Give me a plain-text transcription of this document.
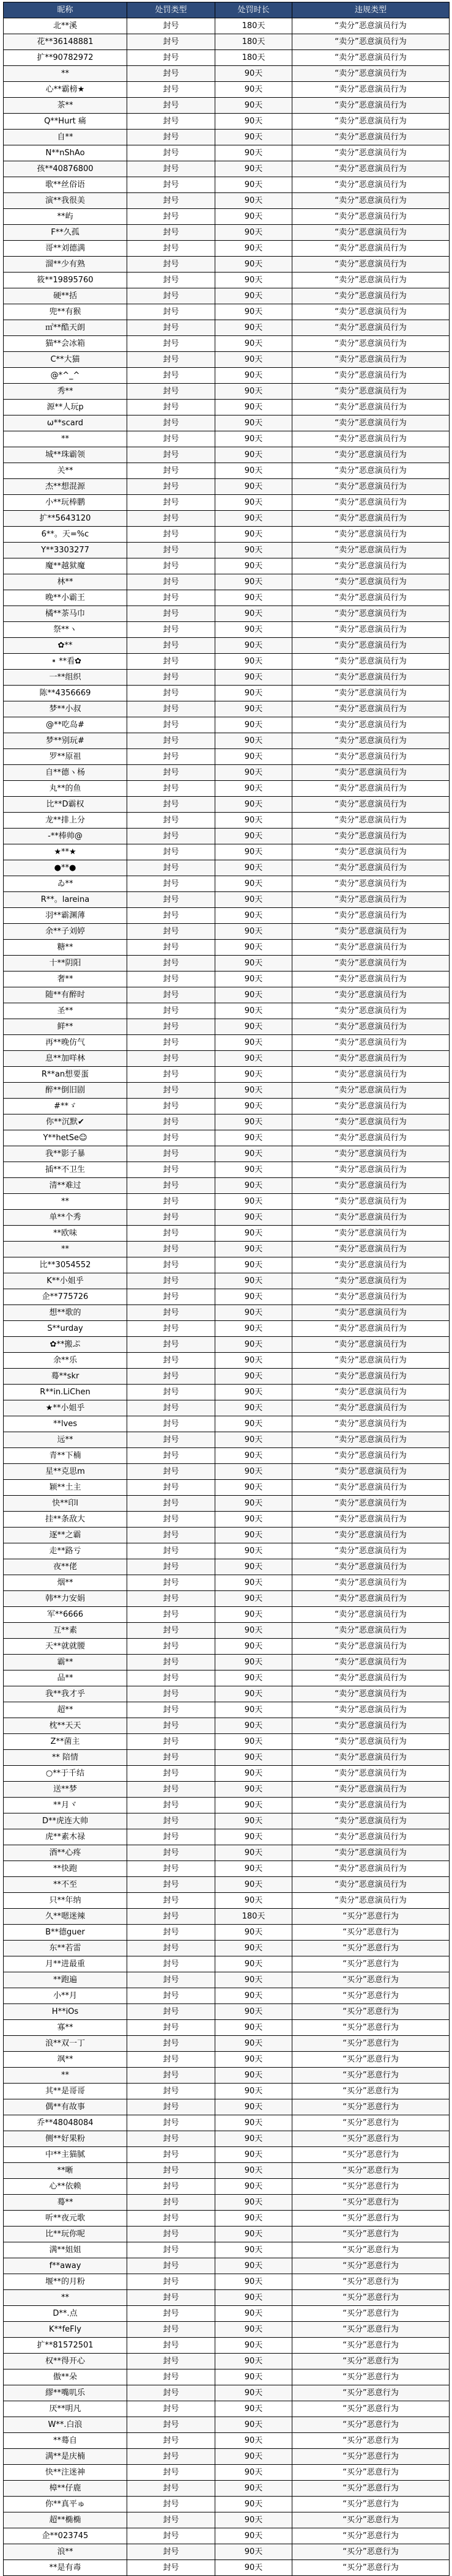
昵称	处罚类型	处罚时长	违规类型
北**溪	封号	180天	“卖分”恶意演员行为
花**36148881	封号	180天	“卖分”恶意演员行为
扩**90782972	封号	180天	“卖分”恶意演员行为
**	封号	90天	“卖分”恶意演员行为
心**霸榜★	封号	90天	“卖分”恶意演员行为
茶**	封号	90天	“卖分”恶意演员行为
Q**Hurt 痛	封号	90天	“卖分”恶意演员行为
自**	封号	90天	“卖分”恶意演员行为
N**nShAo	封号	90天	“卖分”恶意演员行为
孩**40876800	封号	90天	“卖分”恶意演员行为
歌**丝俗语	封号	90天	“卖分”恶意演员行为
演**我很美	封号	90天	“卖分”恶意演员行为
**屿	封号	90天	“卖分”恶意演员行为
F**久孤	封号	90天	“卖分”恶意演员行为
哥**刘德满	封号	90天	“卖分”恶意演员行为
溜**少有熟	封号	90天	“卖分”恶意演员行为
筱**19895760	封号	90天	“卖分”恶意演员行为
硬**括	封号	90天	“卖分”恶意演员行为
兜**有猴	封号	90天	“卖分”恶意演员行为
㎡**酷天朗	封号	90天	“卖分”恶意演员行为
猫**会冰箱	封号	90天	“卖分”恶意演员行为
C**大猫	封号	90天	“卖分”恶意演员行为
@*^_^	封号	90天	“卖分”恶意演员行为
秀**	封号	90天	“卖分”恶意演员行为
源**人玩p	封号	90天	“卖分”恶意演员行为
ω**scard	封号	90天	“卖分”恶意演员行为
**	封号	90天	“卖分”恶意演员行为
城**珠霸领	封号	90天	“卖分”恶意演员行为
关**	封号	90天	“卖分”恶意演员行为
杰**想混源	封号	90天	“卖分”恶意演员行为
小**玩棒鹏	封号	90天	“卖分”恶意演员行为
扩**5643120	封号	90天	“卖分”恶意演员行为
6**。天=%c	封号	90天	“卖分”恶意演员行为
Y**3303277	封号	90天	“卖分”恶意演员行为
魔**越狱魔	封号	90天	“卖分”恶意演员行为
林**	封号	90天	“卖分”恶意演员行为
晚**小霸王	封号	90天	“卖分”恶意演员行为
橘**茶马巾	封号	90天	“卖分”恶意演员行为
祭**ヽ	封号	90天	“卖分”恶意演员行为
✿**	封号	90天	“卖分”恶意演员行为
▪️**看✿	封号	90天	“卖分”恶意演员行为
一**组织	封号	90天	“卖分”恶意演员行为
陈**4356669	封号	90天	“卖分”恶意演员行为
梦**小叔	封号	90天	“卖分”恶意演员行为
@**吃岛#	封号	90天	“卖分”恶意演员行为
梦**别玩#	封号	90天	“卖分”恶意演员行为
罗**原祖	封号	90天	“卖分”恶意演员行为
自**德ヽ杨	封号	90天	“卖分”恶意演员行为
丸**的鱼	封号	90天	“卖分”恶意演员行为
比**D霸权	封号	90天	“卖分”恶意演员行为
龙**排上分	封号	90天	“卖分”恶意演员行为
-**棒帅@	封号	90天	“卖分”恶意演员行为
★**★	封号	90天	“卖分”恶意演员行为
●**●	封号	90天	“卖分”恶意演员行为
ゐ**	封号	90天	“卖分”恶意演员行为
R**。lareina	封号	90天	“卖分”恶意演员行为
羽**霸渊薄	封号	90天	“卖分”恶意演员行为
余**子刘婷	封号	90天	“卖分”恶意演员行为
糖**	封号	90天	“卖分”恶意演员行为
十**阴阳	封号	90天	“卖分”恶意演员行为
奢**	封号	90天	“卖分”恶意演员行为
随**有醉时	封号	90天	“卖分”恶意演员行为
圣**	封号	90天	“卖分”恶意演员行为
鲜**	封号	90天	“卖分”恶意演员行为
再**晚仿气	封号	90天	“卖分”恶意演员行为
息**加咩林	封号	90天	“卖分”恶意演员行为
R**an想要蛋	封号	90天	“卖分”恶意演员行为
醉**倒旧剧	封号	90天	“卖分”恶意演员行为
#**ゞ	封号	90天	“卖分”恶意演员行为
你**沉默✔	封号	90天	“卖分”恶意演员行为
Y**hetSe☺	封号	90天	“卖分”恶意演员行为
我**影子暴	封号	90天	“卖分”恶意演员行为
插**不卫生	封号	90天	“卖分”恶意演员行为
清**难过	封号	90天	“卖分”恶意演员行为
**	封号	90天	“卖分”恶意演员行为
单**个秀	封号	90天	“卖分”恶意演员行为
**欧味	封号	90天	“卖分”恶意演员行为
**	封号	90天	“卖分”恶意演员行为
比**3054552	封号	90天	“卖分”恶意演员行为
K**小姐乎	封号	90天	“卖分”恶意演员行为
企**775726	封号	90天	“卖分”恶意演员行为
想**歌的	封号	90天	“卖分”恶意演员行为
S**urday	封号	90天	“卖分”恶意演员行为
✿**搬ぷ	封号	90天	“卖分”恶意演员行为
余**乐	封号	90天	“卖分”恶意演员行为
蓦**skr	封号	90天	“卖分”恶意演员行为
R**in.LiChen	封号	90天	“卖分”恶意演员行为
★**小姐乎	封号	90天	“卖分”恶意演员行为
**lves	封号	90天	“卖分”恶意演员行为
远**	封号	90天	“卖分”恶意演员行为
青**下楠	封号	90天	“卖分”恶意演员行为
星**克思m	封号	90天	“卖分”恶意演员行为
颖**土主	封号	90天	“卖分”恶意演员行为
快**印l	封号	90天	“卖分”恶意演员行为
挂**条敌大	封号	90天	“卖分”恶意演员行为
逐**之霸	封号	90天	“卖分”恶意演员行为
走**路亏	封号	90天	“卖分”恶意演员行为
夜**佬	封号	90天	“卖分”恶意演员行为
烟**	封号	90天	“卖分”恶意演员行为
韩**力安娟	封号	90天	“卖分”恶意演员行为
军**6666	封号	90天	“卖分”恶意演员行为
互**素	封号	90天	“卖分”恶意演员行为
天**就就腰	封号	90天	“卖分”恶意演员行为
霸**	封号	90天	“卖分”恶意演员行为
品**	封号	90天	“卖分”恶意演员行为
我**我才乎	封号	90天	“卖分”恶意演员行为
超**	封号	90天	“卖分”恶意演员行为
枕**天天	封号	90天	“卖分”恶意演员行为
Z**菌主	封号	90天	“卖分”恶意演员行为
** 陪情	封号	90天	“卖分”恶意演员行为
○**于千结	封号	90天	“卖分”恶意演员行为
送**梦	封号	90天	“卖分”恶意演员行为
**月ヾ	封号	90天	“卖分”恶意演员行为
D**虎连大帅	封号	90天	“卖分”恶意演员行为
虎**素木禄	封号	90天	“卖分”恶意演员行为
酒**心疼	封号	90天	“卖分”恶意演员行为
**快跑	封号	90天	“卖分”恶意演员行为
**不至	封号	90天	“卖分”恶意演员行为
只**年纳	封号	90天	“卖分”恶意演员行为
久**嗯迷辣	封号	180天	“买分”恶意行为
B**德guer	封号	90天	“买分”恶意行为
东**若雷	封号	90天	“买分”恶意行为
月**进最重	封号	90天	“买分”恶意行为
**跑遍	封号	90天	“买分”恶意行为
小**月	封号	90天	“买分”恶意行为
H**iOs	封号	90天	“买分”恶意行为
寡**	封号	90天	“买分”恶意行为
浪**双一丁	封号	90天	“买分”恶意行为
飒**	封号	90天	“买分”恶意行为
**	封号	90天	“买分”恶意行为
其**是哥哥	封号	90天	“买分”恶意行为
偶**有故事	封号	90天	“买分”恶意行为
乔**48048084	封号	90天	“买分”恶意行为
侧**好果粉	封号	90天	“买分”恶意行为
中**主猫腻	封号	90天	“买分”恶意行为
**晰	封号	90天	“买分”恶意行为
心**依赖	封号	90天	“买分”恶意行为
蓦**	封号	90天	“买分”恶意行为
听**夜元歌	封号	90天	“买分”恶意行为
比**玩你呢	封号	90天	“买分”恶意行为
满**姐姐	封号	90天	“买分”恶意行为
f**away	封号	90天	“买分”恶意行为
堰**的月粉	封号	90天	“买分”恶意行为
**	封号	90天	“买分”恶意行为
D**.点	封号	90天	“买分”恶意行为
K**feFly	封号	90天	“买分”恶意行为
扩**81572501	封号	90天	“买分”恶意行为
权**得开心	封号	90天	“买分”恶意行为
傲**朵	封号	90天	“买分”恶意行为
繆**嘴叽乐	封号	90天	“买分”恶意行为
厌**明凡	封号	90天	“买分”恶意行为
W**.白浪	封号	90天	“买分”恶意行为
**蓦自	封号	90天	“买分”恶意行为
满**是庆楠	封号	90天	“买分”恶意行为
快**注迷神	封号	90天	“买分”恶意行为
樟**仔鹿	封号	90天	“买分”恶意行为
你**真平ゅ	封号	90天	“买分”恶意行为
超**椭椭	封号	90天	“买分”恶意行为
企**023745	封号	90天	“买分”恶意行为
浪**	封号	90天	“买分”恶意行为
**是有毒	封号	90天	“买分”恶意行为
